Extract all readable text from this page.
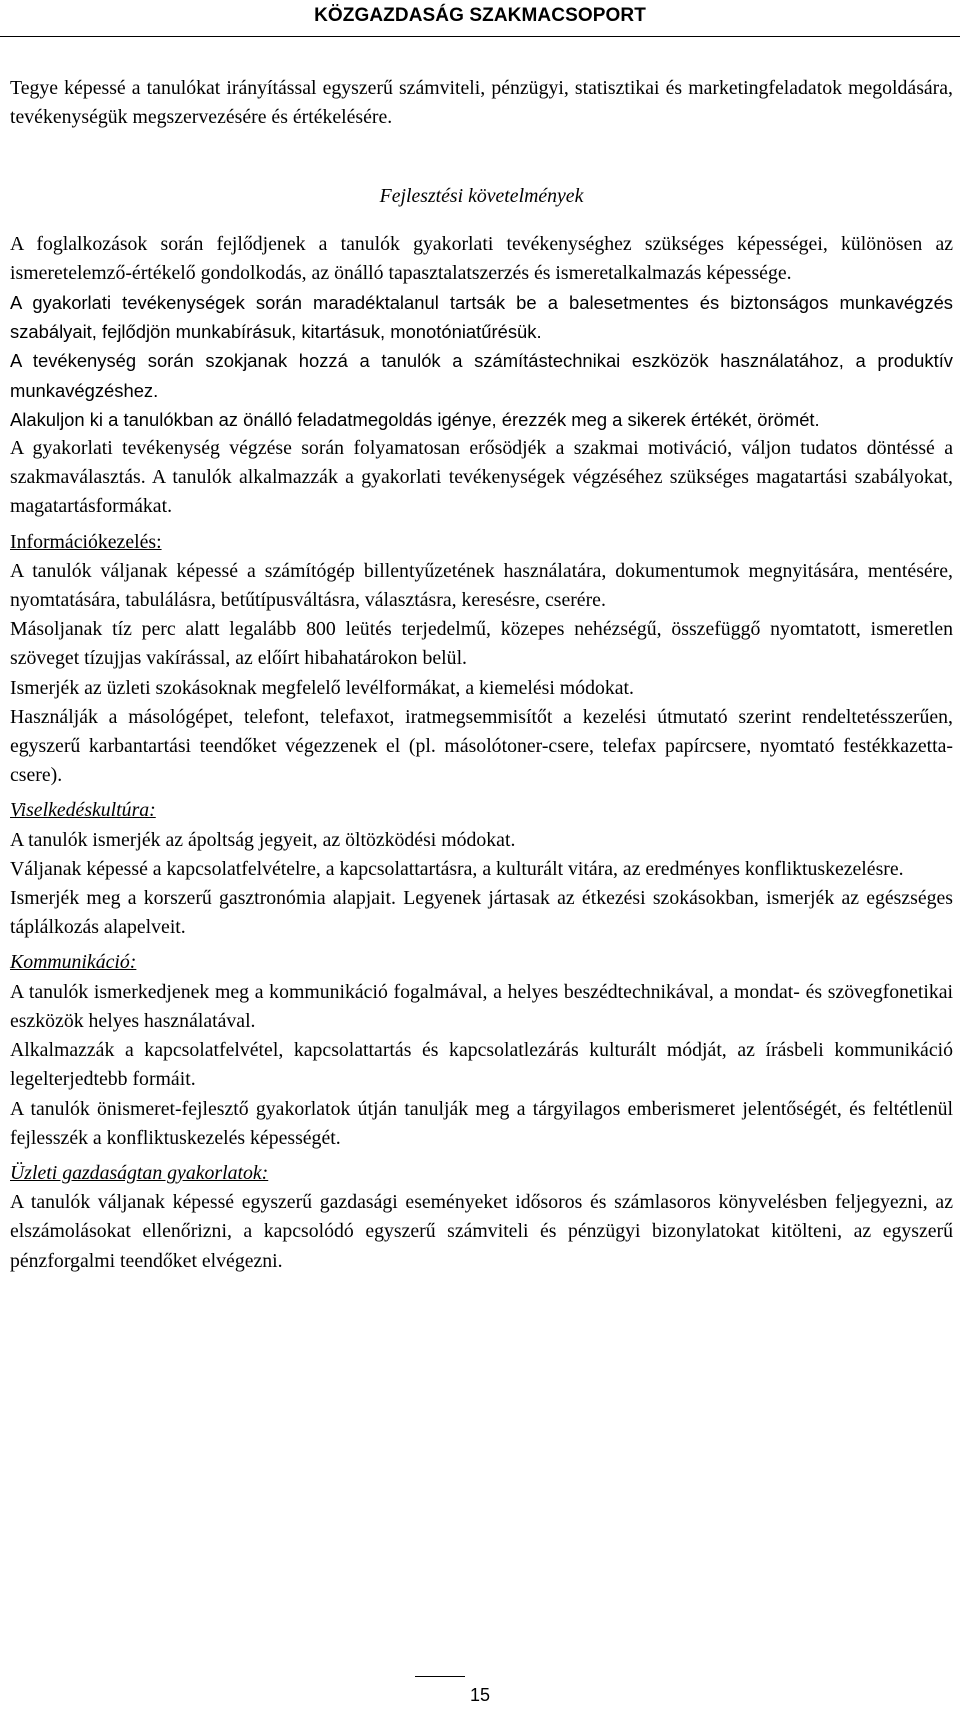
KÖZGAZDASÁG SZAKMACSOPORT

Tegye képessé a tanulókat irányítással egyszerű számviteli, pénzügyi, statisztikai és marketingfeladatok megoldására, tevékenységük megszervezésére és értékelésére.

Fejlesztési követelmények

A foglalkozások során fejlődjenek a tanulók gyakorlati tevékenységhez szükséges képességei, különösen az ismeretelemző-értékelő gondolkodás, az önálló tapasztalatszerzés és ismeretalkalmazás képessége.

A gyakorlati tevékenységek során maradéktalanul tartsák be a balesetmentes és biztonságos munkavégzés szabályait, fejlődjön munkabírásuk, kitartásuk, monotóniatűrésük.

A tevékenység során szokjanak hozzá a tanulók a számítástechnikai eszközök használatához, a produktív munkavégzéshez.

Alakuljon ki a tanulókban az önálló feladatmegoldás igénye, érezzék meg a sikerek értékét, örömét.

A gyakorlati tevékenység végzése során folyamatosan erősödjék a szakmai motiváció, váljon tudatos döntéssé a szakmaválasztás. A tanulók alkalmazzák a gyakorlati tevékenységek végzéséhez szükséges magatartási szabályokat, magatartásformákat.

Információkezelés:

A tanulók váljanak képessé a számítógép billentyűzetének használatára, dokumentumok megnyitására, mentésére, nyomtatására, tabulálásra, betűtípusváltásra, választásra, keresésre, cserére.

Másoljanak tíz perc alatt legalább 800 leütés terjedelmű, közepes nehézségű, összefüggő nyomtatott, ismeretlen szöveget tízujjas vakírással, az előírt hibahatárokon belül.

Ismerjék az üzleti szokásoknak megfelelő levélformákat, a kiemelési módokat.

Használják a másológépet, telefont, telefaxot, iratmegsemmisítőt a kezelési útmutató szerint rendeltetésszerűen, egyszerű karbantartási teendőket végezzenek el (pl. másolótoner-csere, telefax papírcsere, nyomtató festékkazetta-csere).

Viselkedéskultúra:

A tanulók ismerjék az ápoltság jegyeit, az öltözködési módokat.

Váljanak képessé a kapcsolatfelvételre, a kapcsolattartásra, a kulturált vitára, az eredményes konfliktuskezelésre.

Ismerjék meg a korszerű gasztronómia alapjait. Legyenek jártasak az étkezési szokásokban, ismerjék az egészséges táplálkozás alapelveit.

Kommunikáció:

A tanulók ismerkedjenek meg a kommunikáció fogalmával, a helyes beszédtechnikával, a mondat- és szövegfonetikai eszközök helyes használatával.

Alkalmazzák a kapcsolatfelvétel, kapcsolattartás és kapcsolatlezárás kulturált módját, az írásbeli kommunikáció legelterjedtebb formáit.

A tanulók önismeret-fejlesztő gyakorlatok útján tanulják meg a tárgyilagos emberismeret jelentőségét, és feltétlenül fejlesszék a konfliktuskezelés képességét.

Üzleti gazdaságtan gyakorlatok:

A tanulók váljanak képessé egyszerű gazdasági eseményeket idősoros és számlasoros könyvelésben feljegyezni, az elszámolásokat ellenőrizni, a kapcsolódó egyszerű számviteli és pénzügyi bizonylatokat kitölteni, az egyszerű pénzforgalmi teendőket elvégezni.

15
